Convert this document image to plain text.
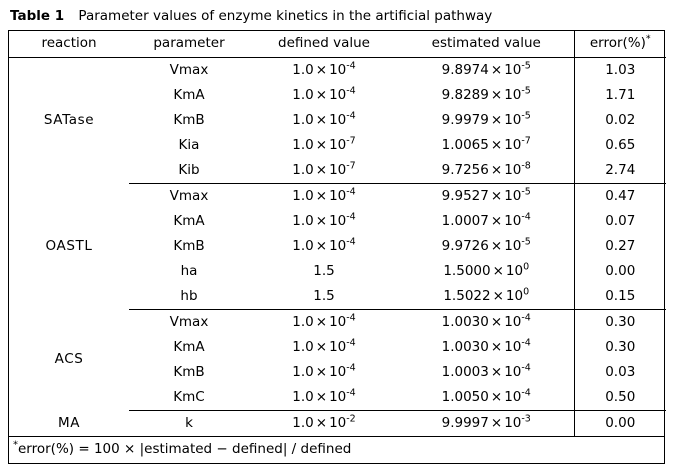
Table 1 Parameter values of enzyme kinetics in the artificial pathway
reaction	parameter	defined value	estimated value	error(%)*
SATase	Vmax	$1.0 \times 10^{-4}$	$9.8974 \times 10^{-5}$	1.03
	KmA	$1.0 \times 10^{-4}$	$9.8289 \times 10^{-5}$	1.71
	KmB	$1.0 \times 10^{-4}$	$9.9979 \times 10^{-5}$	0.02
	Kia	$1.0 \times 10^{-7}$	$1.0065 \times 10^{-7}$	0.65
	Kib	$1.0 \times 10^{-7}$	$9.7256 \times 10^{-8}$	2.74
OASTL	Vmax	$1.0 \times 10^{-4}$	$9.9527 \times 10^{-5}$	0.47
	KmA	$1.0 \times 10^{-4}$	$1.0007 \times 10^{-4}$	0.07
	KmB	$1.0 \times 10^{-4}$	$9.9726 \times 10^{-5}$	0.27
	ha	1.5	$1.5000 \times 10^0$	0.00
	hb	1.5	$1.5022 \times 10^0$	0.15
ACS	Vmax	$1.0 \times 10^{-4}$	$1.0030 \times 10^{-4}$	0.30
	KmA	$1.0 \times 10^{-4}$	$1.0030 \times 10^{-4}$	0.30
	KmB	$1.0 \times 10^{-4}$	$1.0003 \times 10^{-4}$	0.03
	KmC	$1.0 \times 10^{-4}$	$1.0050 \times 10^{-4}$	0.50
MA	k	$1.0 \times 10^{-2}$	$9.9997 \times 10^{-3}$	0.00
*error(%) = 100 × |estimated − defined| / defined
